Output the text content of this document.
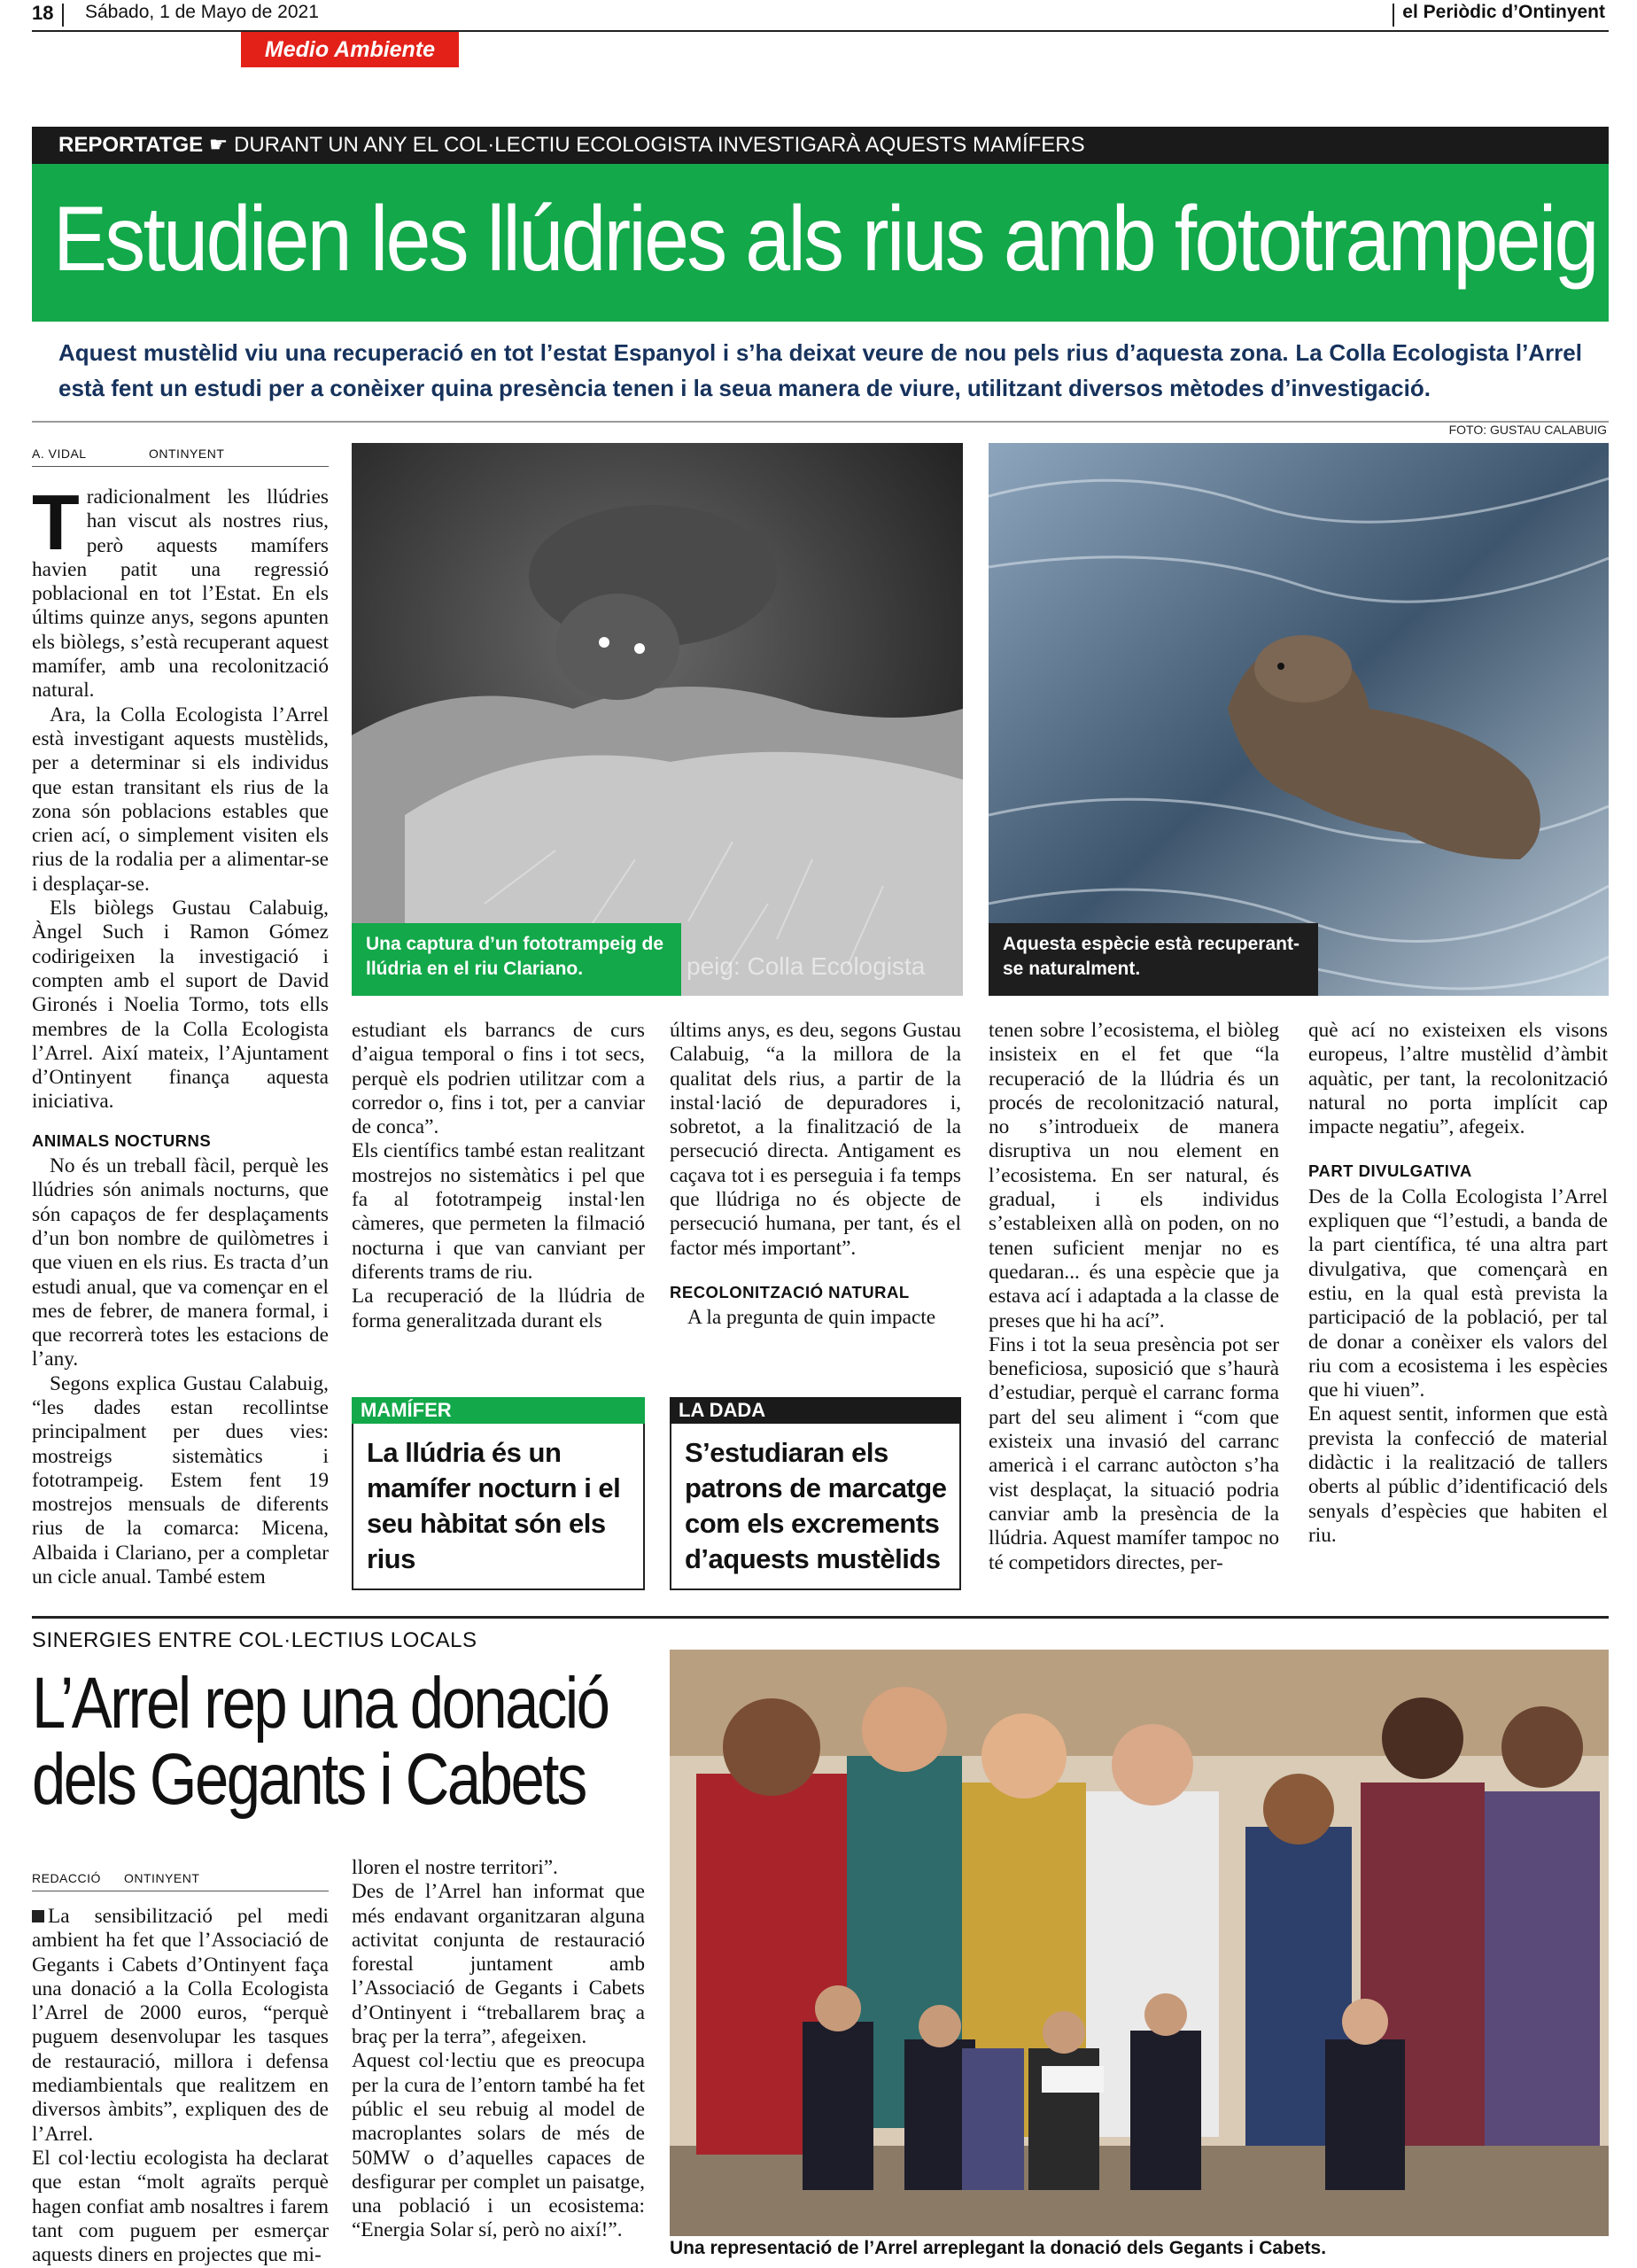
18 Sábado, 1 de Mayo de 2021	el Periòdic d’Ontinyent
Medio Ambiente
REPORTATGE ☛ DURANT UN ANY EL COL·LECTIU ECOLOGISTA INVESTIGARÀ AQUESTS MAMÍFERS
Estudien les llúdries als rius amb fototrampeig
Aquest mustèlid viu una recuperació en tot l’estat Espanyol i s’ha deixat veure de nou pels rius d’aquesta zona. La Colla Ecologista l’Arrel està fent un estudi per a conèixer quina presència tenen i la seua manera de viure, utilitzant diversos mètodes d’investigació.
FOTO: GUSTAU CALABUIG
A. VIDAL	ONTINYENT

Tradicionalment les llúdries han viscut als nostres rius, però aquests mamífers havien patit una regressió poblacional en tot l’Estat. En els últims quinze anys, segons apunten els biòlegs, s’està recuperant aquest mamífer, amb una recolonització natural.

Ara, la Colla Ecologista l’Arrel està investigant aquests mustèlids, per a determinar si els individus que estan transitant els rius de la zona són poblacions estables que crien ací, o simplement visiten els rius de la rodalia per a alimentar-se i desplaçar-se.

Els biòlegs Gustau Calabuig, Àngel Such i Ramon Gómez codirigeixen la investigació i compten amb el suport de David Gironés i Noelia Tormo, tots ells membres de la Colla Ecologista l’Arrel. Així mateix, l’Ajuntament d’Ontinyent finança aquesta iniciativa.

ANIMALS NOCTURNS

No és un treball fàcil, perquè les llúdries són animals nocturns, que són capaços de fer desplaçaments d’un bon nombre de quilòmetres i que viuen en els rius. Es tracta d’un estudi anual, que va començar en el mes de febrer, de manera formal, i que recorrerà totes les estacions de l’any.

Segons explica Gustau Calabuig, “les dades estan recollintse principalment per dues vies: mostreigs sistemàtics i fototrampeig. Estem fent 19 mostrejos mensuals de diferents rius de la comarca: Micena, Albaida i Clariano, per a completar un cicle anual. També estem

Una captura d’un fototrampeig de llúdria en el riu Clariano.	peig: Colla Ecologista
Aquesta espècie està recuperant-se naturalment.

estudiant els barrancs de curs d’aigua temporal o fins i tot secs, perquè els podrien utilitzar com a corredor o, fins i tot, per a canviar de conca”.

Els científics també estan realitzant mostrejos no sistemàtics i pel que fa al fototrampeig instal·len càmeres, que permeten la filmació nocturna i que van canviant per diferents trams de riu.

La recuperació de la llúdria de forma generalitzada durant els

últims anys, es deu, segons Gustau Calabuig, “a la millora de la qualitat dels rius, a partir de la instal·lació de depuradores i, sobretot, a la finalització de la persecució directa. Antigament es caçava tot i es perseguia i fa temps que llúdriga no és objecte de persecució humana, per tant, és el factor més important”.

RECOLONITZACIÓ NATURAL

A la pregunta de quin impacte

tenen sobre l’ecosistema, el biòleg insisteix en el fet que “la recuperació de la llúdria és un procés de recolonització natural, no s’introdueix de manera disruptiva un nou element en l’ecosistema. En ser natural, és gradual, i els individus s’estableixen allà on poden, on no tenen suficient menjar no es quedaran... és una espècie que ja estava ací i adaptada a la classe de preses que hi ha ací”.

Fins i tot la seua presència pot ser beneficiosa, suposició que s’haurà d’estudiar, perquè el carranc forma part del seu aliment i “com que existeix una invasió del carranc americà i el carranc autòcton s’ha vist desplaçat, la situació podria canviar amb la presència de la llúdria. Aquest mamífer tampoc no té competidors directes, per-

què ací no existeixen els visons europeus, l’altre mustèlid d’àmbit aquàtic, per tant, la recolonització natural no porta implícit cap impacte negatiu”, afegeix.

PART DIVULGATIVA

Des de la Colla Ecologista l’Arrel expliquen que “l’estudi, a banda de la part científica, té una altra part divulgativa, que començarà en estiu, en la qual està prevista la participació de la població, per tal de donar a conèixer els valors del riu com a ecosistema i les espècies que hi viuen”.

En aquest sentit, informen que està prevista la confecció de material didàctic i la realització de tallers oberts al públic d’identificació dels senyals d’espècies que habiten el riu.

MAMÍFER
La llúdria és un mamífer nocturn i el seu hàbitat són els rius
LA DADA
S’estudiaran els patrons de marcatge com els excrements d’aquests mustèlids
SINERGIES ENTRE COL·LECTIUS LOCALS
L’Arrel rep una donació
dels Gegants i Cabets
REDACCIÓ ONTINYENT

La sensibilització pel medi ambient ha fet que l’Associació de Gegants i Cabets d’Ontinyent faça una donació a la Colla Ecologista l’Arrel de 2000 euros, “perquè puguem desenvolupar les tasques de restauració, millora i defensa mediambientals que realitzem en diversos àmbits”, expliquen des de l’Arrel.

El col·lectiu ecologista ha declarat que estan “molt agraïts perquè hagen confiat amb nosaltres i farem tant com puguem per esmerçar aquests diners en projectes que mi-

lloren el nostre territori”.

Des de l’Arrel han informat que més endavant organitzaran alguna activitat conjunta de restauració forestal juntament amb l’Associació de Gegants i Cabets d’Ontinyent i “treballarem braç a braç per la terra”, afegeixen.

Aquest col·lectiu que es preocupa per la cura de l’entorn també ha fet públic el seu rebuig al model de macroplantes solars de més de 50MW o d’aquelles capaces de desfigurar per complet un paisatge, una població i un ecosistema: “Energia Solar sí, però no així!”.

Una representació de l’Arrel arreplegant la donació dels Gegants i Cabets.
